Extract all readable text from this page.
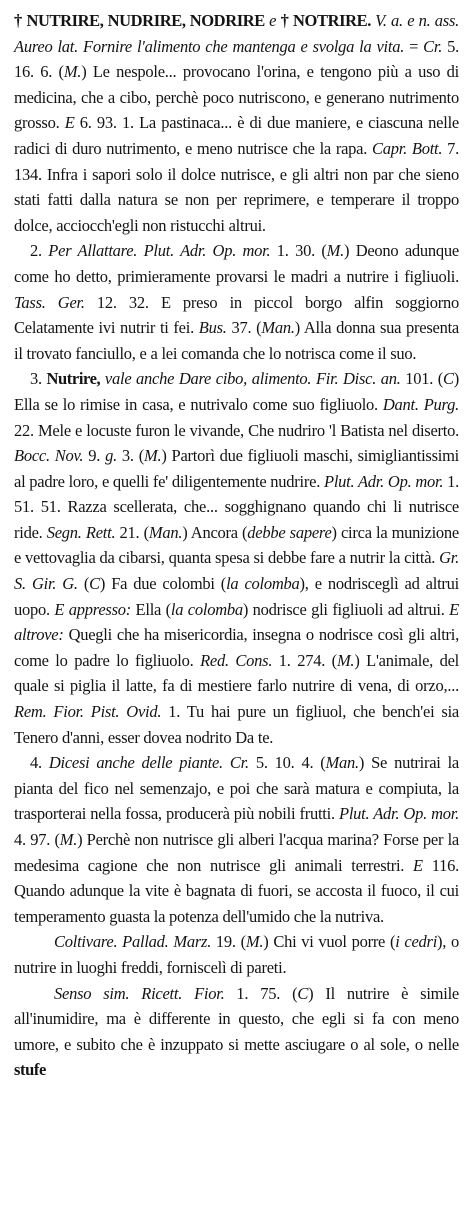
† NUTRIRE, NUDRIRE, NODRIRE e † NOTRIRE. V. a. e n. ass. Aureo lat. Fornire l'alimento che mantenga e svolga la vita. = Cr. 5. 16. 6. (M.) Le nespole... provocano l'orina, e tengono più a uso di medicina, che a cibo, perchè poco nutriscono, e generano nutrimento grosso. E 6. 93. 1. La pastinaca... è di due maniere, e ciascuna nelle radici di duro nutrimento, e meno nutrisce che la rapa. Capr. Bott. 7. 134. Infra i sapori solo il dolce nutrisce, e gli altri non par che sieno stati fatti dalla natura se non per reprimere, e temperare il troppo dolce, acciocch'egli non ristucchi altrui.

2. Per Allattare. Plut. Adr. Op. mor. 1. 30. (M.) Deono adunque come ho detto, primieramente provarsi le madri a nutrire i figliuoli. Tass. Ger. 12. 32. E preso in piccol borgo alfin soggiorno Celatamente ivi nutrir ti fei. Bus. 37. (Man.) Alla donna sua presenta il trovato fanciullo, e a lei comanda che lo notrisca come il suo.

3. Nutrire, vale anche Dare cibo, alimento. Fir. Disc. an. 101. (C) Ella se lo rimise in casa, e nutrivalo come suo figliuolo. Dant. Purg. 22. Mele e locuste furon le vivande, Che nudriro 'l Batista nel diserto. Bocc. Nov. 9. g. 3. (M.) Partorì due figliuoli maschi, simigliantissimi al padre loro, e quelli fe' diligentemente nudrire. Plut. Adr. Op. mor. 1. 51. 51. Razza scellerata, che... sogghignano quando chi li nutrisce ride. Segn. Rett. 21. (Man.) Ancora (debbe sapere) circa la munizione e vettovaglia da cibarsi, quanta spesa si debbe fare a nutrir la città. Gr. S. Gir. G. (C) Fa due colombi (la colomba), e nodrisceglì ad altrui uopo. E appresso: Ella (la colomba) nodrisce gli figliuoli ad altrui. E altrove: Quegli che ha misericordia, insegna o nodrisce così gli altri, come lo padre lo figliuolo. Red. Cons. 1. 274. (M.) L'animale, del quale si piglia il latte, fa di mestiere farlo nutrire di vena, di orzo,... Rem. Fior. Pist. Ovid. 1. Tu hai pure un figliuol, che bench'ei sia Tenero d'anni, esser dovea nodrito Da te.

4. Dicesi anche delle piante. Cr. 5. 10. 4. (Man.) Se nutrirai la pianta del fico nel semenzajo, e poi che sarà matura e compiuta, la trasporterai nella fossa, producerà più nobili frutti. Plut. Adr. Op. mor. 4. 97. (M.) Perchè non nutrisce gli alberi l'acqua marina? Forse per la medesima cagione che non nutrisce gli animali terrestri. E 116. Quando adunque la vite è bagnata di fuori, se accosta il fuoco, il cui temperamento guasta la potenza dell'umido che la nutriva.

Coltivare. Pallad. Marz. 19. (M.) Chi vi vuol porre (i cedri), o nutrire in luoghi freddi, forniscelì di pareti.

Senso sim. Ricett. Fior. 1. 75. (C) Il nutrire è simile all'inumidire, ma è differente in questo, che egli si fa con meno umore, e subito che è inzuppato si mette asciugare o al sole, o nelle stufe
